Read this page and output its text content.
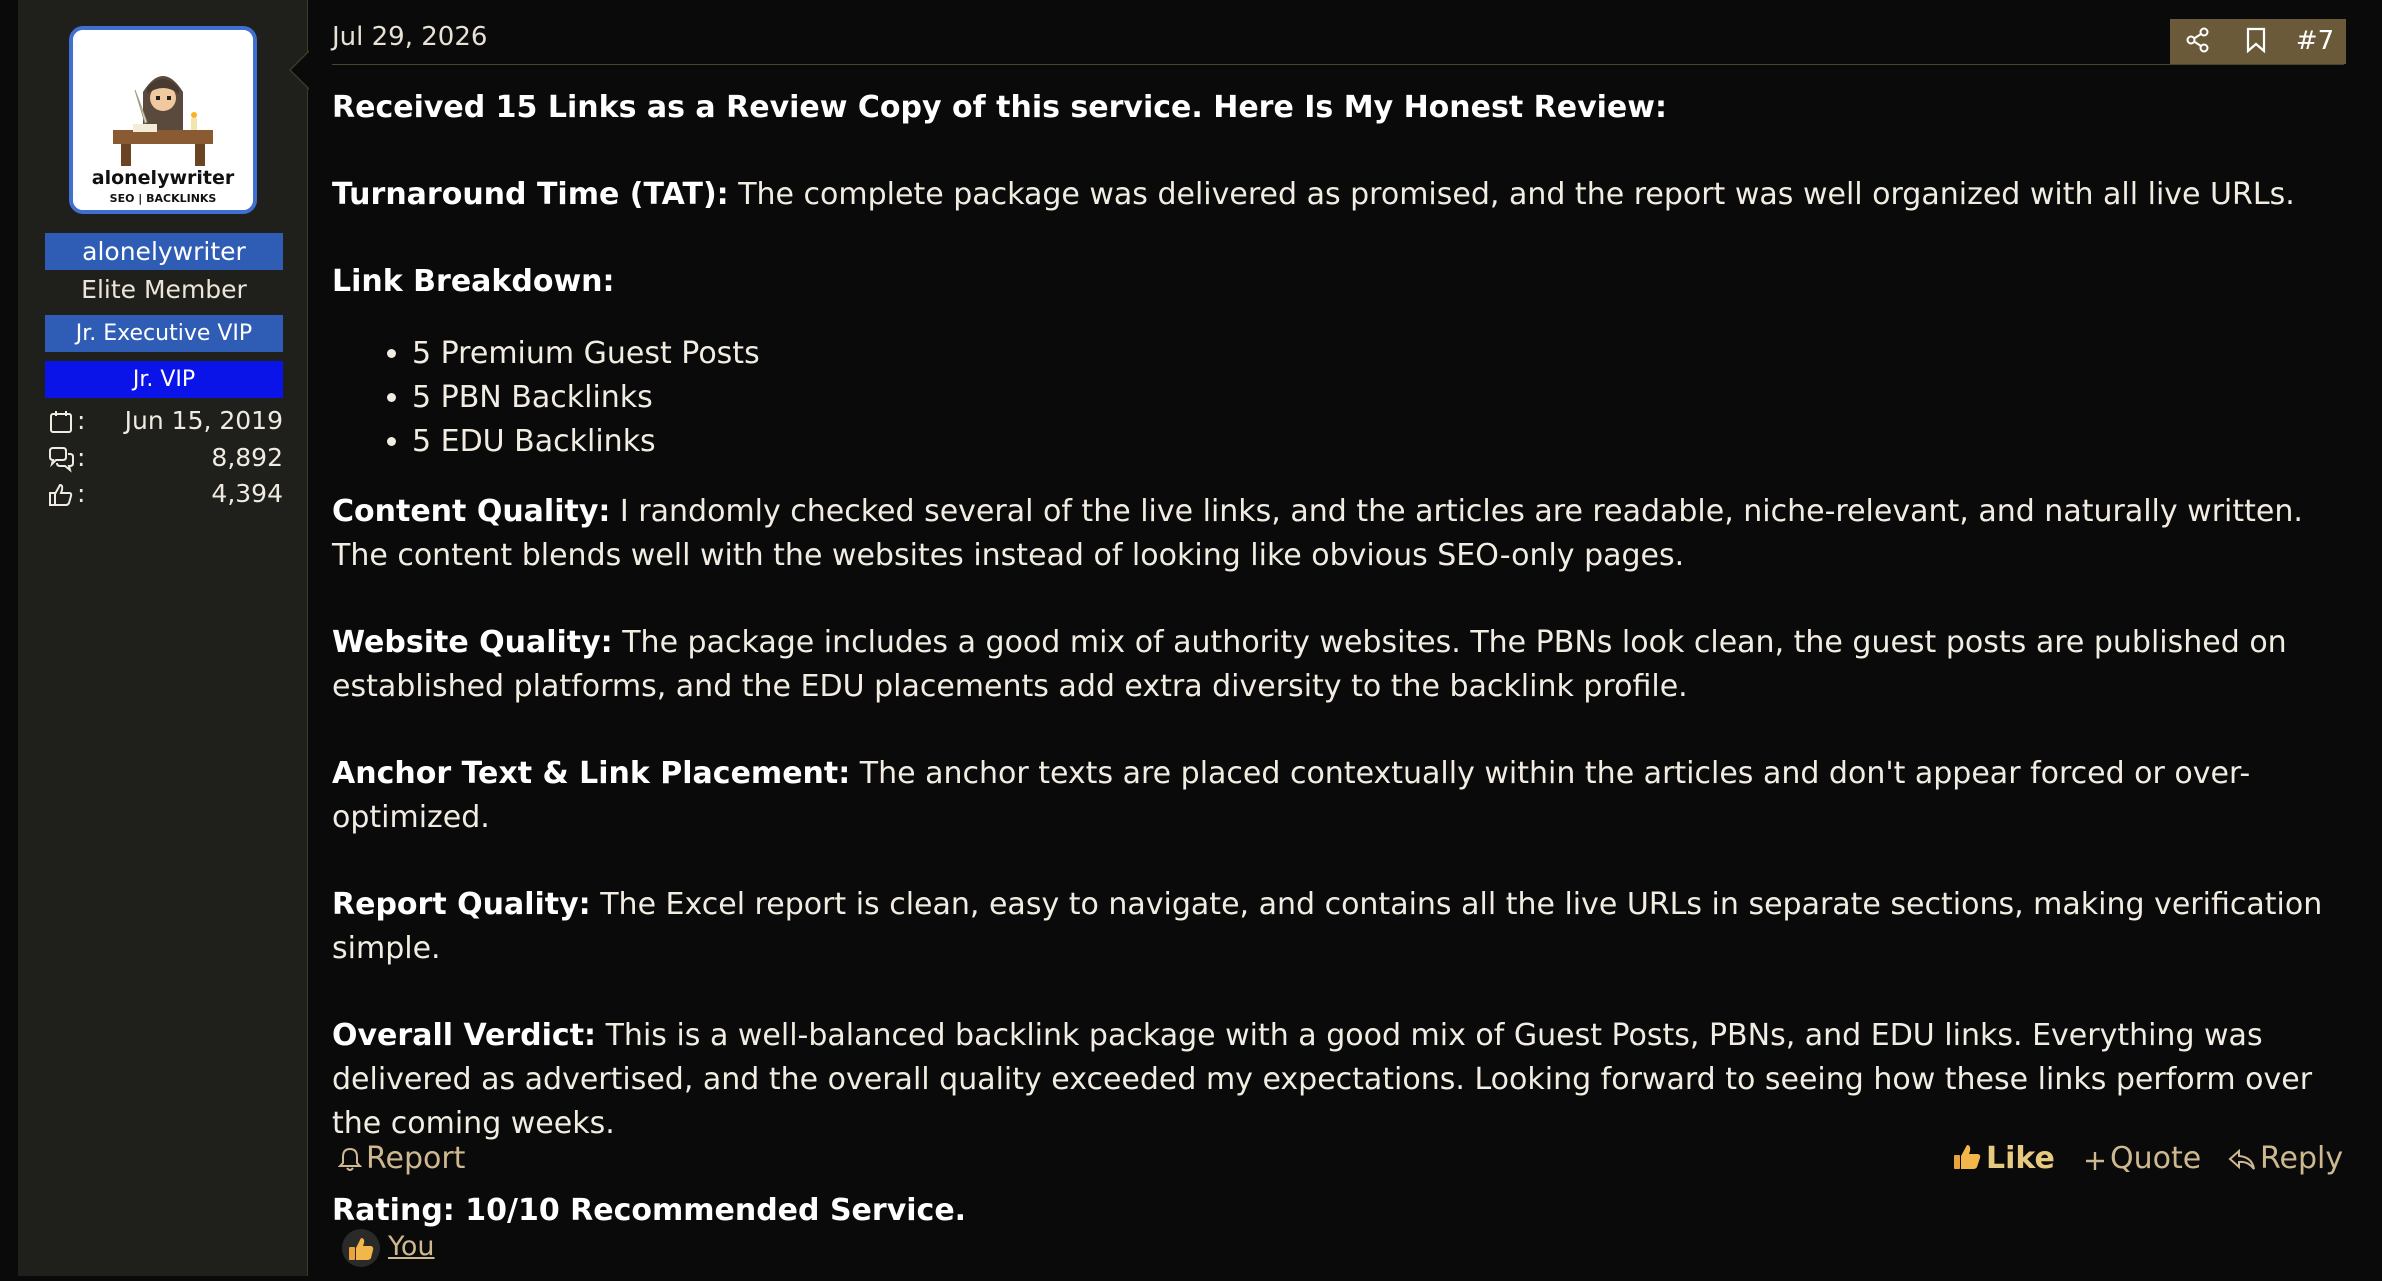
alonelywriter
SEO | BACKLINKS
alonelywriter
Elite Member
Jr. Executive VIP
Jr. VIP
: Jun 15, 2019
:	8,892
:	4,394
Jul 29, 2026	#7

Received 15 Links as a Review Copy of this service. Here Is My Honest Review:

Turnaround Time (TAT): The complete package was delivered as promised, and the report was well organized with all live URLs.

Link Breakdown:

• 5 Premium Guest Posts
• 5 PBN Backlinks
• 5 EDU Backlinks

Content Quality: I randomly checked several of the live links, and the articles are readable, niche-relevant, and naturally written. The content blends well with the websites instead of looking like obvious SEO-only pages.

Website Quality: The package includes a good mix of authority websites. The PBNs look clean, the guest posts are published on established platforms, and the EDU placements add extra diversity to the backlink profile.

Anchor Text & Link Placement: The anchor texts are placed contextually within the articles and don't appear forced or over-optimized.

Report Quality: The Excel report is clean, easy to navigate, and contains all the live URLs in separate sections, making verification simple.

Overall Verdict: This is a well-balanced backlink package with a good mix of Guest Posts, PBNs, and EDU links. Everything was delivered as advertised, and the overall quality exceeded my expectations. Looking forward to seeing how these links perform over the coming weeks.

Rating: 10/10 Recommended Service.

Report	Like	Quote	Reply
You
